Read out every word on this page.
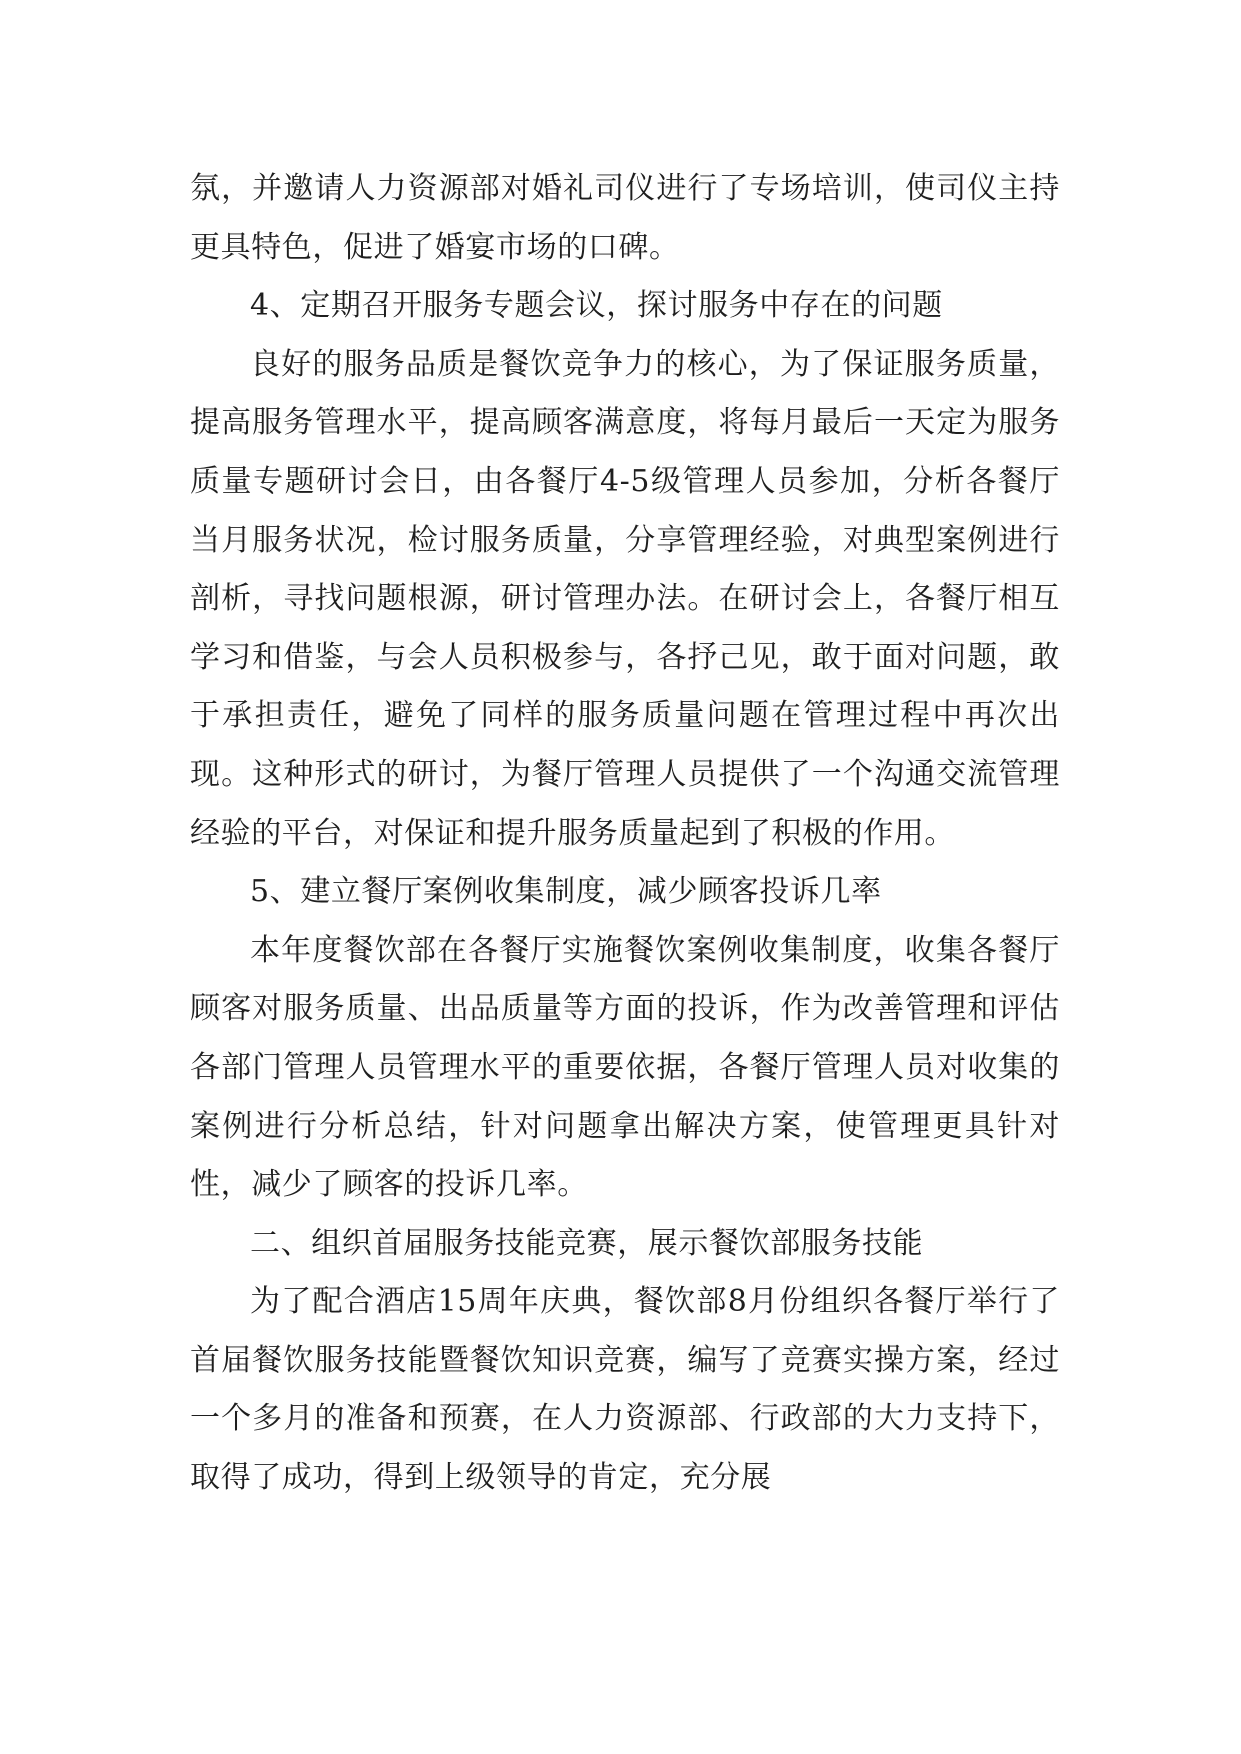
氛，并邀请人力资源部对婚礼司仪进行了专场培训，使司仪主持更具特色，促进了婚宴市场的口碑。

4、定期召开服务专题会议，探讨服务中存在的问题

良好的服务品质是餐饮竞争力的核心，为了保证服务质量，提高服务管理水平，提高顾客满意度，将每月最后一天定为服务质量专题研讨会日，由各餐厅4-5级管理人员参加，分析各餐厅当月服务状况，检讨服务质量，分享管理经验，对典型案例进行剖析，寻找问题根源，研讨管理办法。在研讨会上，各餐厅相互学习和借鉴，与会人员积极参与，各抒己见，敢于面对问题，敢于承担责任，避免了同样的服务质量问题在管理过程中再次出现。这种形式的研讨，为餐厅管理人员提供了一个沟通交流管理经验的平台，对保证和提升服务质量起到了积极的作用。

5、建立餐厅案例收集制度，减少顾客投诉几率

本年度餐饮部在各餐厅实施餐饮案例收集制度，收集各餐厅顾客对服务质量、出品质量等方面的投诉，作为改善管理和评估各部门管理人员管理水平的重要依据，各餐厅管理人员对收集的案例进行分析总结，针对问题拿出解决方案，使管理更具针对性，减少了顾客的投诉几率。

二、组织首届服务技能竞赛，展示餐饮部服务技能

为了配合酒店15周年庆典，餐饮部8月份组织各餐厅举行了首届餐饮服务技能暨餐饮知识竞赛，编写了竞赛实操方案，经过一个多月的准备和预赛，在人力资源部、行政部的大力支持下，取得了成功，得到上级领导的肯定，充分展
